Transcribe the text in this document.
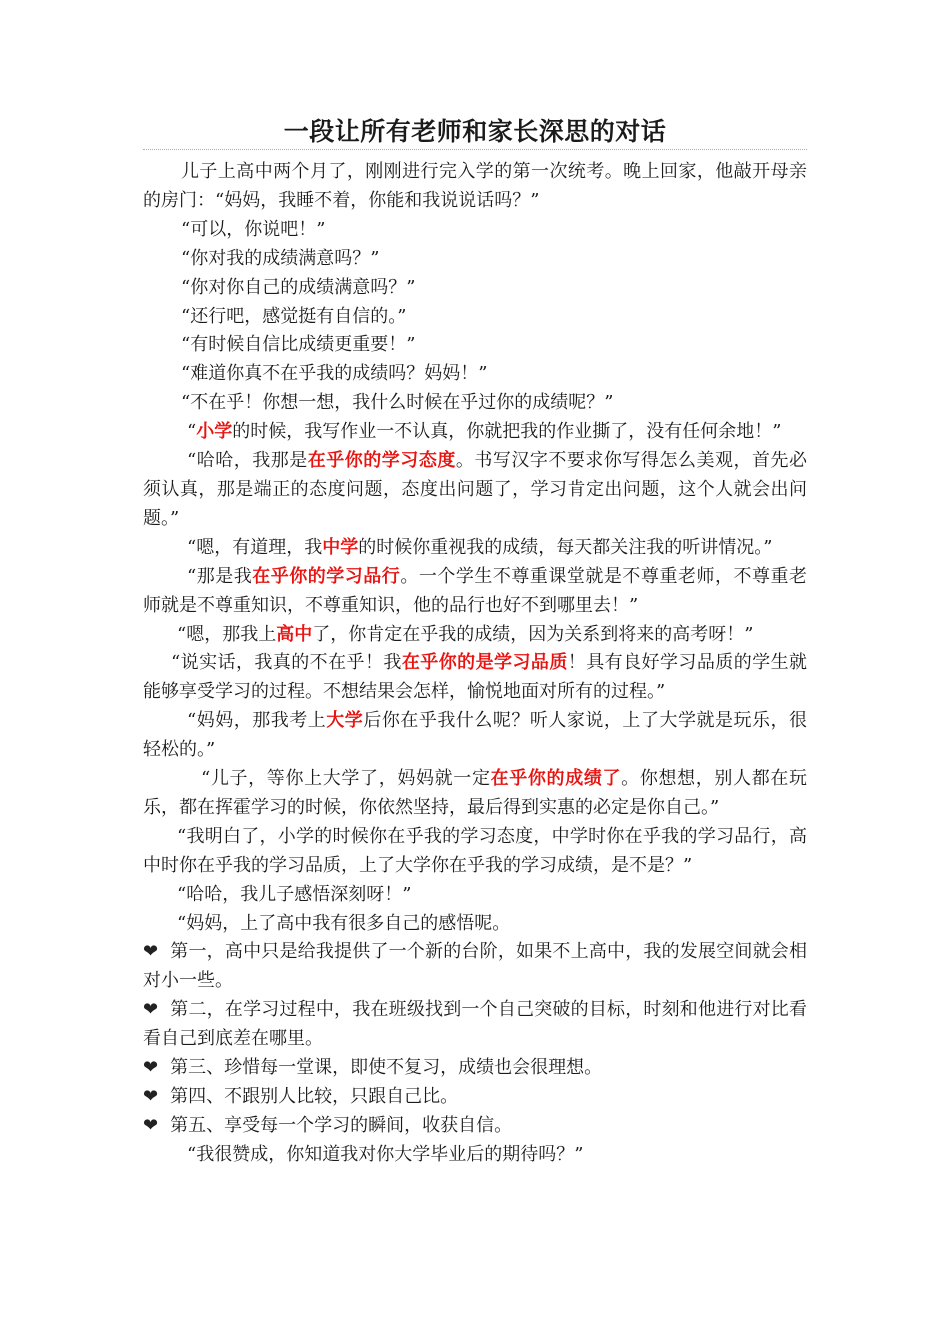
一段让所有老师和家长深思的对话

儿子上高中两个月了，刚刚进行完入学的第一次统考。晚上回家，他敲开母亲的房门：“妈妈，我睡不着，你能和我说说话吗？”

“可以，你说吧！”

“你对我的成绩满意吗？”

“你对你自己的成绩满意吗？”

“还行吧，感觉挺有自信的。”

“有时候自信比成绩更重要！”

“难道你真不在乎我的成绩吗？妈妈！”

“不在乎！你想一想，我什么时候在乎过你的成绩呢？”

“小学的时候，我写作业一不认真，你就把我的作业撕了，没有任何余地！”

“哈哈，我那是在乎你的学习态度。书写汉字不要求你写得怎么美观，首先必须认真，那是端正的态度问题，态度出问题了，学习肯定出问题，这个人就会出问题。”

“嗯，有道理，我中学的时候你重视我的成绩，每天都关注我的听讲情况。”

“那是我在乎你的学习品行。一个学生不尊重课堂就是不尊重老师，不尊重老师就是不尊重知识，不尊重知识，他的品行也好不到哪里去！”

“嗯，那我上高中了，你肯定在乎我的成绩，因为关系到将来的高考呀！”

“说实话，我真的不在乎！我在乎你的是学习品质！具有良好学习品质的学生就能够享受学习的过程。不想结果会怎样，愉悦地面对所有的过程。”

“妈妈，那我考上大学后你在乎我什么呢？听人家说，上了大学就是玩乐，很轻松的。”

“儿子，等你上大学了，妈妈就一定在乎你的成绩了。你想想，别人都在玩乐，都在挥霍学习的时候，你依然坚持，最后得到实惠的必定是你自己。”

“我明白了，小学的时候你在乎我的学习态度，中学时你在乎我的学习品行，高中时你在乎我的学习品质，上了大学你在乎我的学习成绩，是不是？”

“哈哈，我儿子感悟深刻呀！”

“妈妈，上了高中我有很多自己的感悟呢。

❤ 第一，高中只是给我提供了一个新的台阶，如果不上高中，我的发展空间就会相对小一些。

❤ 第二，在学习过程中，我在班级找到一个自己突破的目标，时刻和他进行对比看看自己到底差在哪里。

❤ 第三、珍惜每一堂课，即使不复习，成绩也会很理想。

❤ 第四、不跟别人比较，只跟自己比。

❤ 第五、享受每一个学习的瞬间，收获自信。

“我很赞成，你知道我对你大学毕业后的期待吗？”
